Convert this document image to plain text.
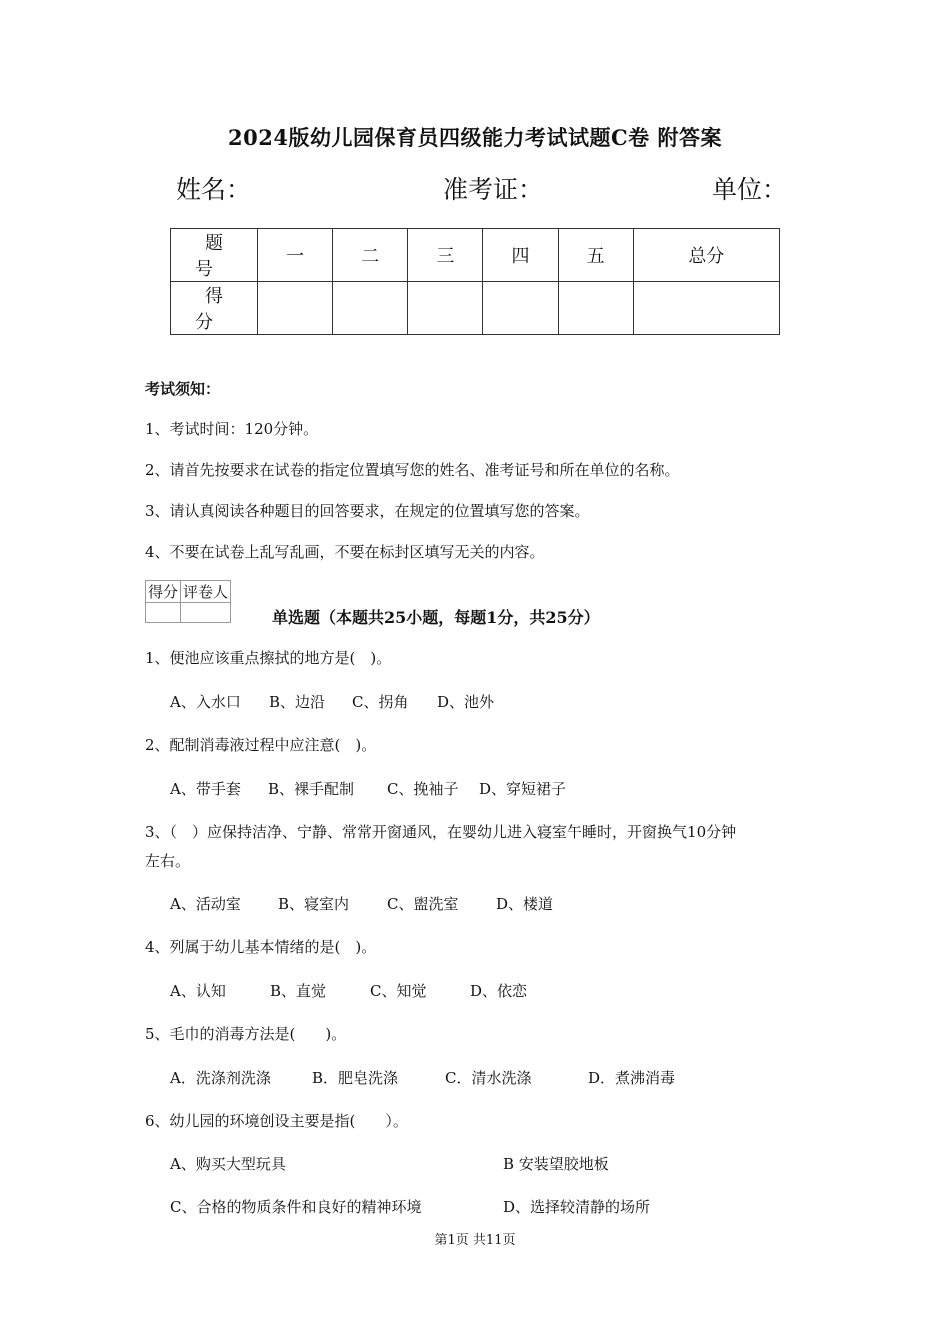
2024版幼儿园保育员四级能力考试试题C卷 附答案
姓名：	准考证：	单位：
题号	一	二	三	四	五	总分
得分						
考试须知：
1、考试时间：120分钟。
2、请首先按要求在试卷的指定位置填写您的姓名、准考证号和所在单位的名称。
3、请认真阅读各种题目的回答要求，在规定的位置填写您的答案。
4、不要在试卷上乱写乱画，不要在标封区填写无关的内容。
得分	评卷人

单选题（本题共25小题，每题1分，共25分）
1、便池应该重点擦拭的地方是(　)。
A、入水口 B、边沿 C、拐角 D、池外
2、配制消毒液过程中应注意(　)。
A、带手套 B、裸手配制 C、挽袖子 D、穿短裙子
3、（　）应保持洁净、宁静、常常开窗通风，在婴幼儿进入寝室午睡时，开窗换气10分钟
左右。
A、活动室 B、寝室内	C、盥洗室	D、楼道
4、列属于幼儿基本情绪的是(　)。
A、认知	B、直觉	C、知觉	D、依恋
5、毛巾的消毒方法是(　　)。
A．洗涤剂洗涤	B．肥皂洗涤	C．清水洗涤	D．煮沸消毒
6、幼儿园的环境创设主要是指(　　）。
A、购买大型玩具	B 安装望胶地板
C、合格的物质条件和良好的精神环境	D、选择较清静的场所
第1页 共11页
